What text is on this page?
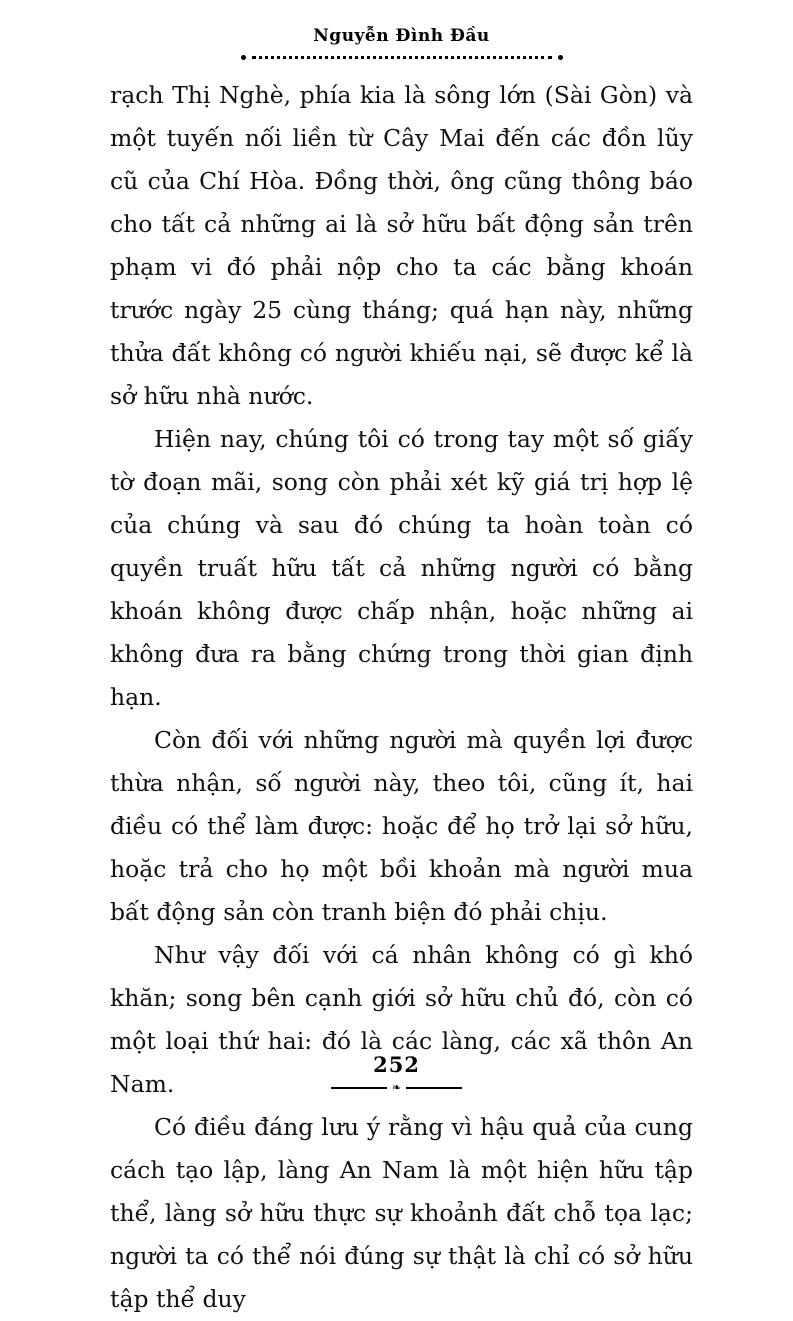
Nguyễn Đình Đầu

rạch Thị Nghè, phía kia là sông lớn (Sài Gòn) và một tuyến nối liền từ Cây Mai đến các đồn lũy cũ của Chí Hòa. Đồng thời, ông cũng thông báo cho tất cả những ai là sở hữu bất động sản trên phạm vi đó phải nộp cho ta các bằng khoán trước ngày 25 cùng tháng; quá hạn này, những thửa đất không có người khiếu nại, sẽ được kể là sở hữu nhà nước.

Hiện nay, chúng tôi có trong tay một số giấy tờ đoạn mãi, song còn phải xét kỹ giá trị hợp lệ của chúng và sau đó chúng ta hoàn toàn có quyền truất hữu tất cả những người có bằng khoán không được chấp nhận, hoặc những ai không đưa ra bằng chứng trong thời gian định hạn.

Còn đối với những người mà quyền lợi được thừa nhận, số người này, theo tôi, cũng ít, hai điều có thể làm được: hoặc để họ trở lại sở hữu, hoặc trả cho họ một bồi khoản mà người mua bất động sản còn tranh biện đó phải chịu.

Như vậy đối với cá nhân không có gì khó khăn; song bên cạnh giới sở hữu chủ đó, còn có một loại thứ hai: đó là các làng, các xã thôn An Nam.

Có điều đáng lưu ý rằng vì hậu quả của cung cách tạo lập, làng An Nam là một hiện hữu tập thể, làng sở hữu thực sự khoảnh đất chỗ tọa lạc; người ta có thể nói đúng sự thật là chỉ có sở hữu tập thể duy

252
❧
